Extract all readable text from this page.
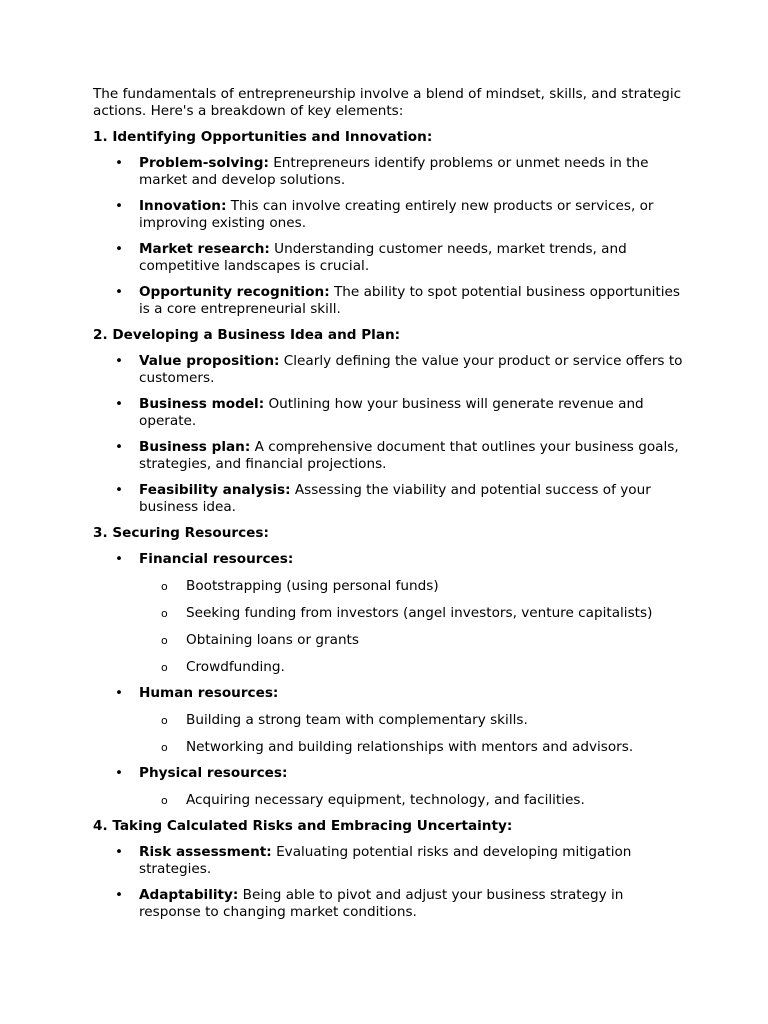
The fundamentals of entrepreneurship involve a blend of mindset, skills, and strategic actions. Here's a breakdown of key elements:

1. Identifying Opportunities and Innovation:
• Problem-solving: Entrepreneurs identify problems or unmet needs in the market and develop solutions.
• Innovation: This can involve creating entirely new products or services, or improving existing ones.
• Market research: Understanding customer needs, market trends, and competitive landscapes is crucial.
• Opportunity recognition: The ability to spot potential business opportunities is a core entrepreneurial skill.
2. Developing a Business Idea and Plan:
• Value proposition: Clearly defining the value your product or service offers to customers.
• Business model: Outlining how your business will generate revenue and operate.
• Business plan: A comprehensive document that outlines your business goals, strategies, and financial projections.
• Feasibility analysis: Assessing the viability and potential success of your business idea.
3. Securing Resources:
• Financial resources:
o Bootstrapping (using personal funds)
o Seeking funding from investors (angel investors, venture capitalists)
o Obtaining loans or grants
o Crowdfunding.
• Human resources:
o Building a strong team with complementary skills.
o Networking and building relationships with mentors and advisors.
• Physical resources:
o Acquiring necessary equipment, technology, and facilities.
4. Taking Calculated Risks and Embracing Uncertainty:
• Risk assessment: Evaluating potential risks and developing mitigation strategies.
• Adaptability: Being able to pivot and adjust your business strategy in response to changing market conditions.
